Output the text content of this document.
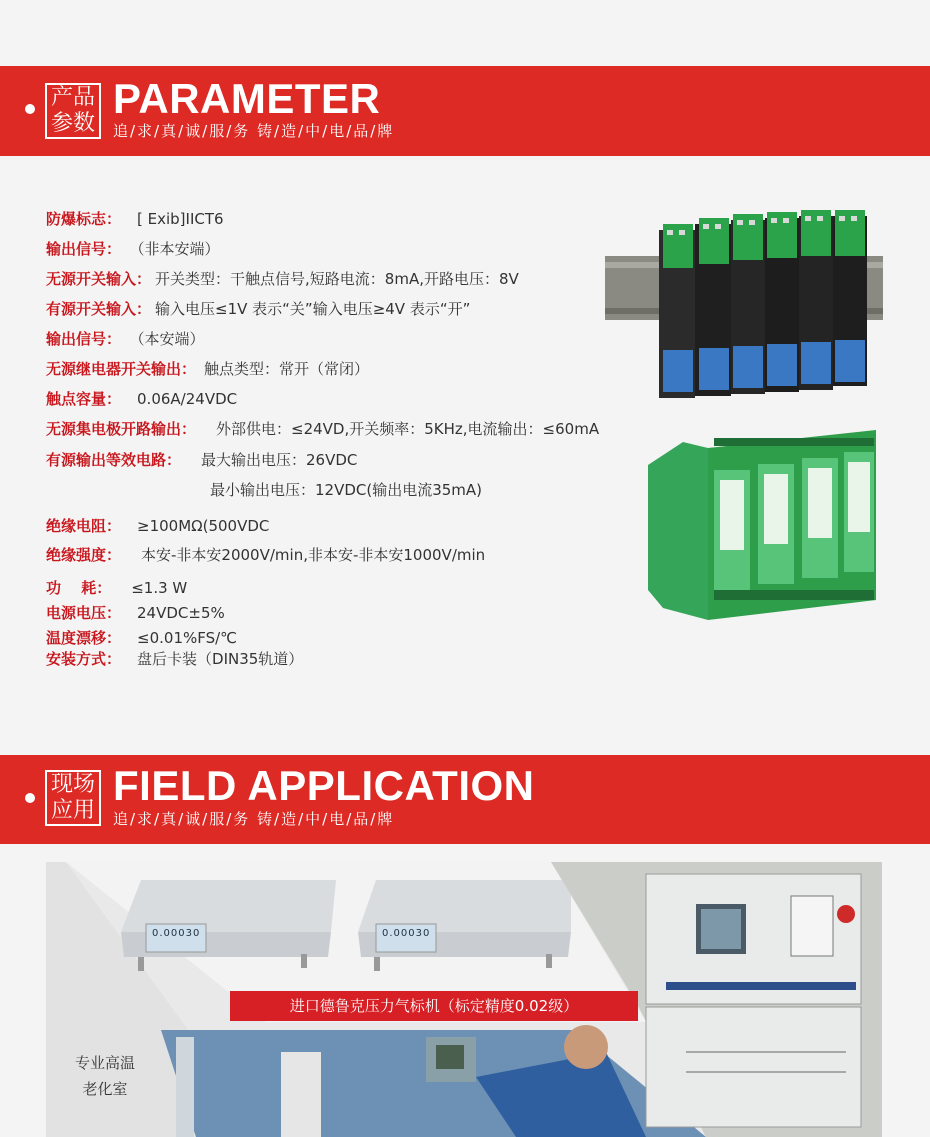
产品
参数
PARAMETER
追/求/真/诚/服/务 铸/造/中/电/品/牌
防爆标志： [ Exib]IICT6
输出信号： （非本安端）
无源开关输入： 开关类型：干触点信号,短路电流：8mA,开路电压：8V
有源开关输入： 输入电压≤1V 表示“关”输入电压≥4V 表示“开”
输出信号： （本安端）
无源继电器开关输出： 触点类型：常开（常闭）
触点容量： 0.06A/24VDC
无源集电极开路输出： 外部供电：≤24VD,开关频率：5KHz,电流输出：≤60mA
有源输出等效电路： 最大输出电压：26VDC
最小输出电压：12VDC(输出电流35mA)
绝缘电阻： ≥100MΩ(500VDC
绝缘强度： 本安-非本安2000V/min,非本安-非本安1000V/min
功　 耗： ≤1.3 W
电源电压： 24VDC±5%
温度漂移： ≤0.01%FS/℃
安装方式： 盘后卡装（DIN35轨道）
现场
应用
FIELD APPLICATION
追/求/真/诚/服/务 铸/造/中/电/品/牌
0.00030	0.00030
进口德鲁克压力气标机（标定精度0.02级）
专业高温
老化室
